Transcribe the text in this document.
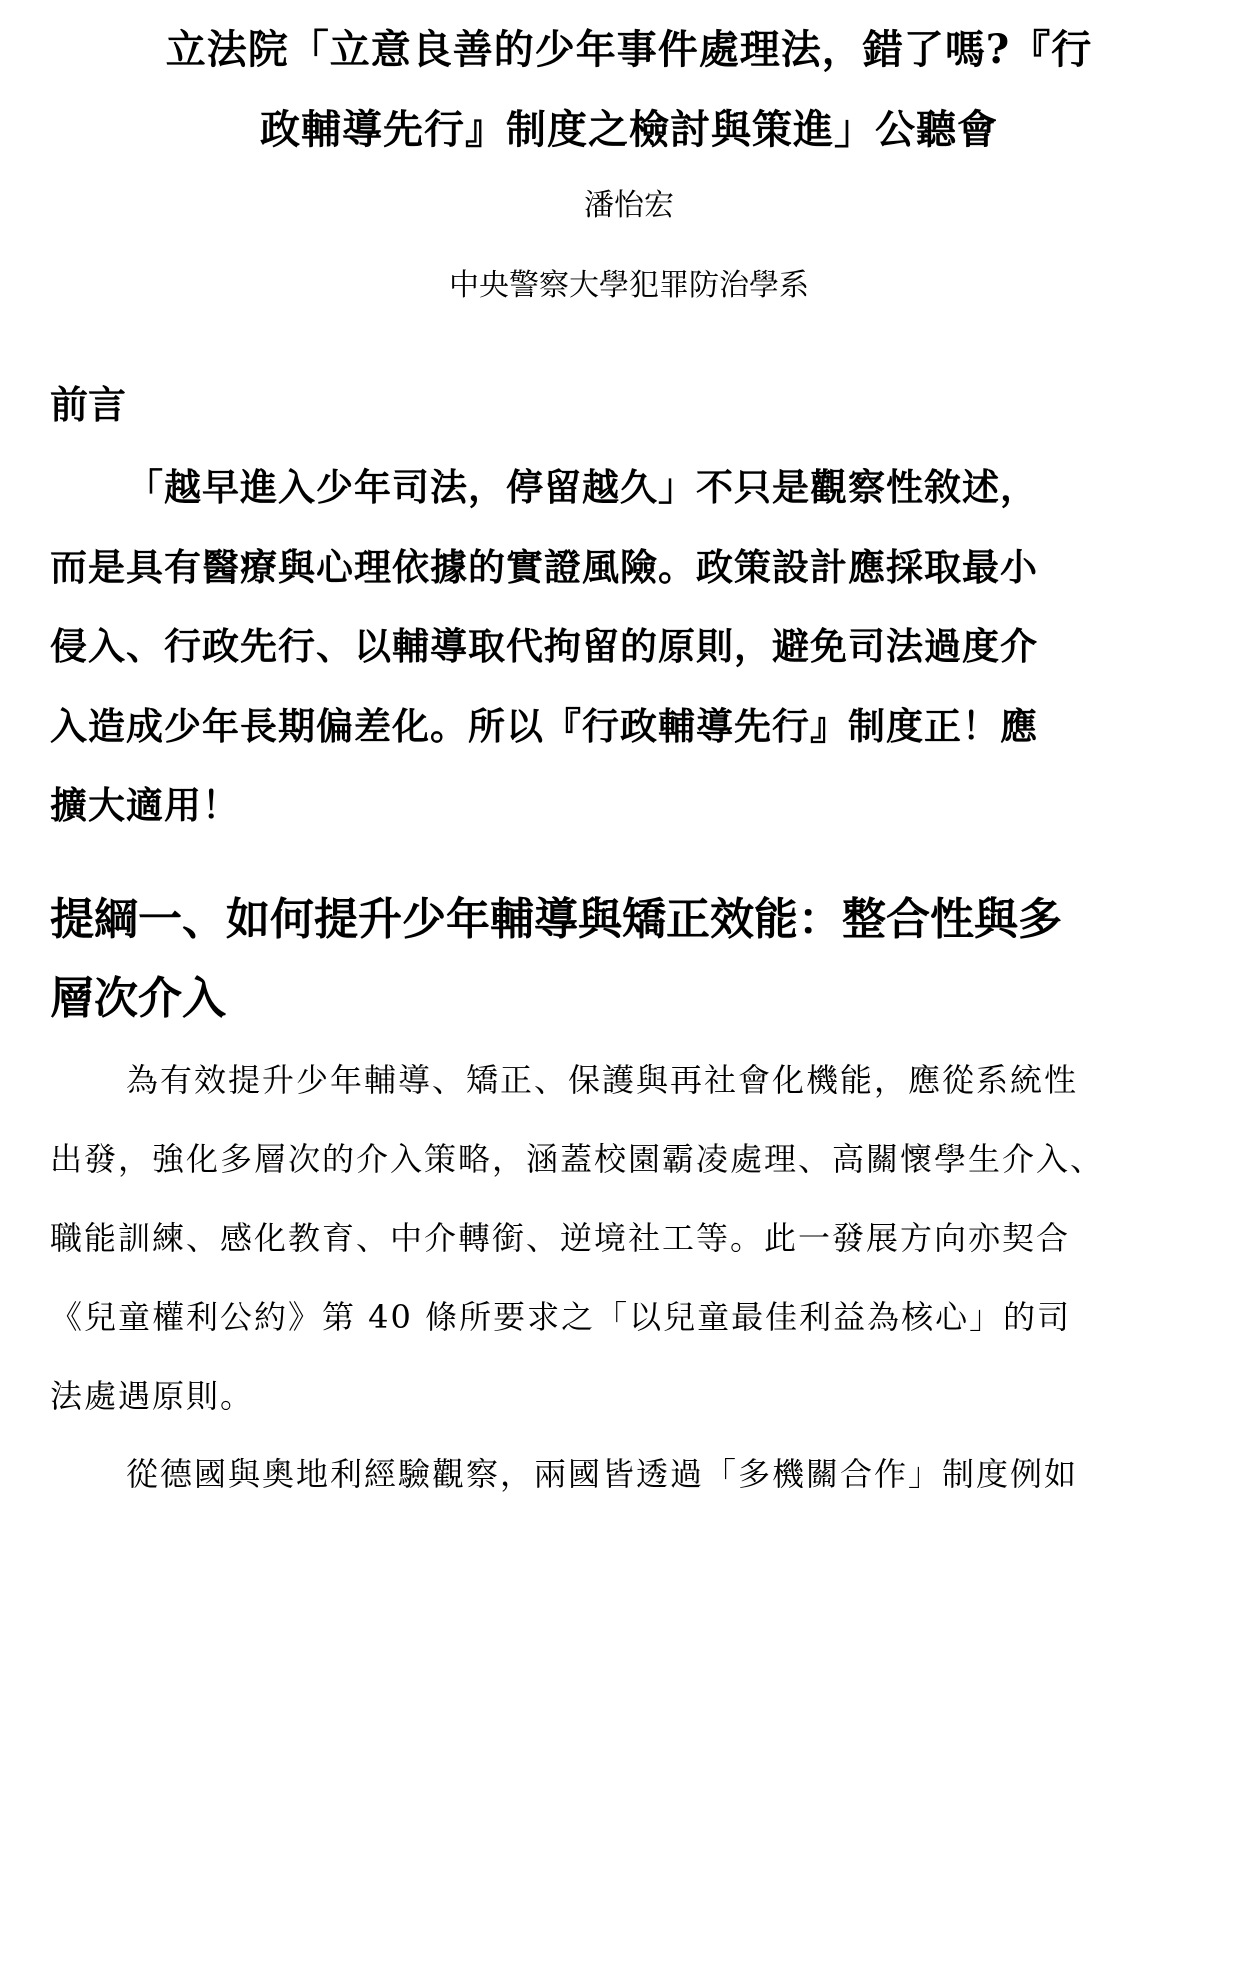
立法院「立意良善的少年事件處理法，錯了嗎?『行
政輔導先行』制度之檢討與策進」公聽會
潘怡宏
中央警察大學犯罪防治學系
前言
「越早進入少年司法，停留越久」不只是觀察性敘述，
而是具有醫療與心理依據的實證風險。政策設計應採取最小
侵入、行政先行、以輔導取代拘留的原則，避免司法過度介
入造成少年長期偏差化。所以『行政輔導先行』制度正！應
擴大適用！
提綱一、如何提升少年輔導與矯正效能：整合性與多
層次介入
為有效提升少年輔導、矯正、保護與再社會化機能，應從系統性
出發，強化多層次的介入策略，涵蓋校園霸凌處理、高關懷學生介入、
職能訓練、感化教育、中介轉銜、逆境社工等。此一發展方向亦契合
《兒童權利公約》第 40 條所要求之「以兒童最佳利益為核心」的司
法處遇原則。
從德國與奧地利經驗觀察，兩國皆透過「多機關合作」制度例如
